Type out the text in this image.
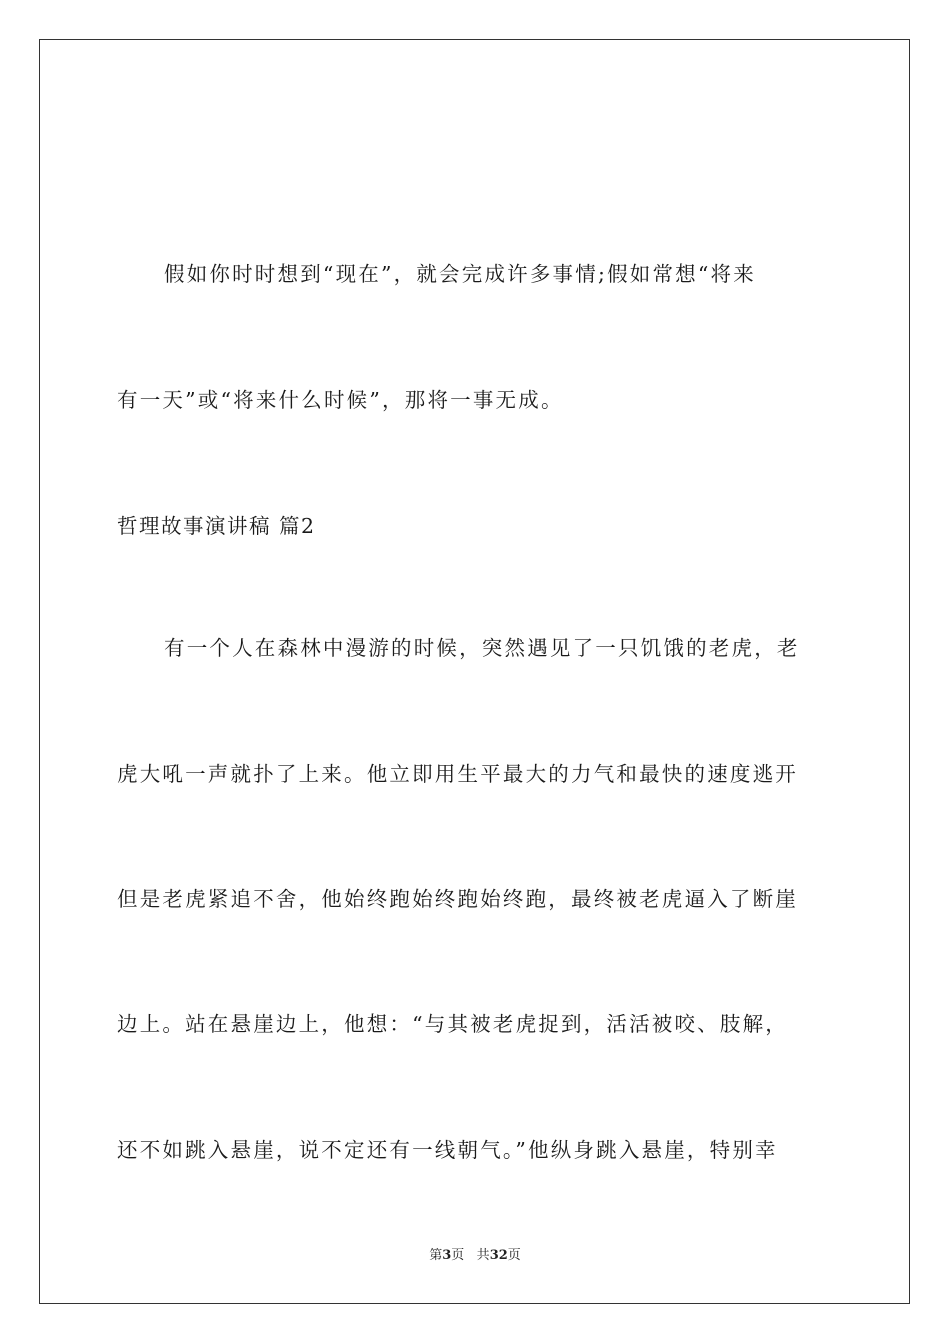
假如你时时想到“现在”，就会完成许多事情;假如常想“将来
有一天”或“将来什么时候”，那将一事无成。
哲理故事演讲稿 篇2
有一个人在森林中漫游的时候，突然遇见了一只饥饿的老虎，老
虎大吼一声就扑了上来。他立即用生平最大的力气和最快的速度逃开
但是老虎紧追不舍，他始终跑始终跑始终跑，最终被老虎逼入了断崖
边上。站在悬崖边上，他想：“与其被老虎捉到，活活被咬、肢解，
还不如跳入悬崖，说不定还有一线朝气。”他纵身跳入悬崖，特别幸
第3页 共32页
